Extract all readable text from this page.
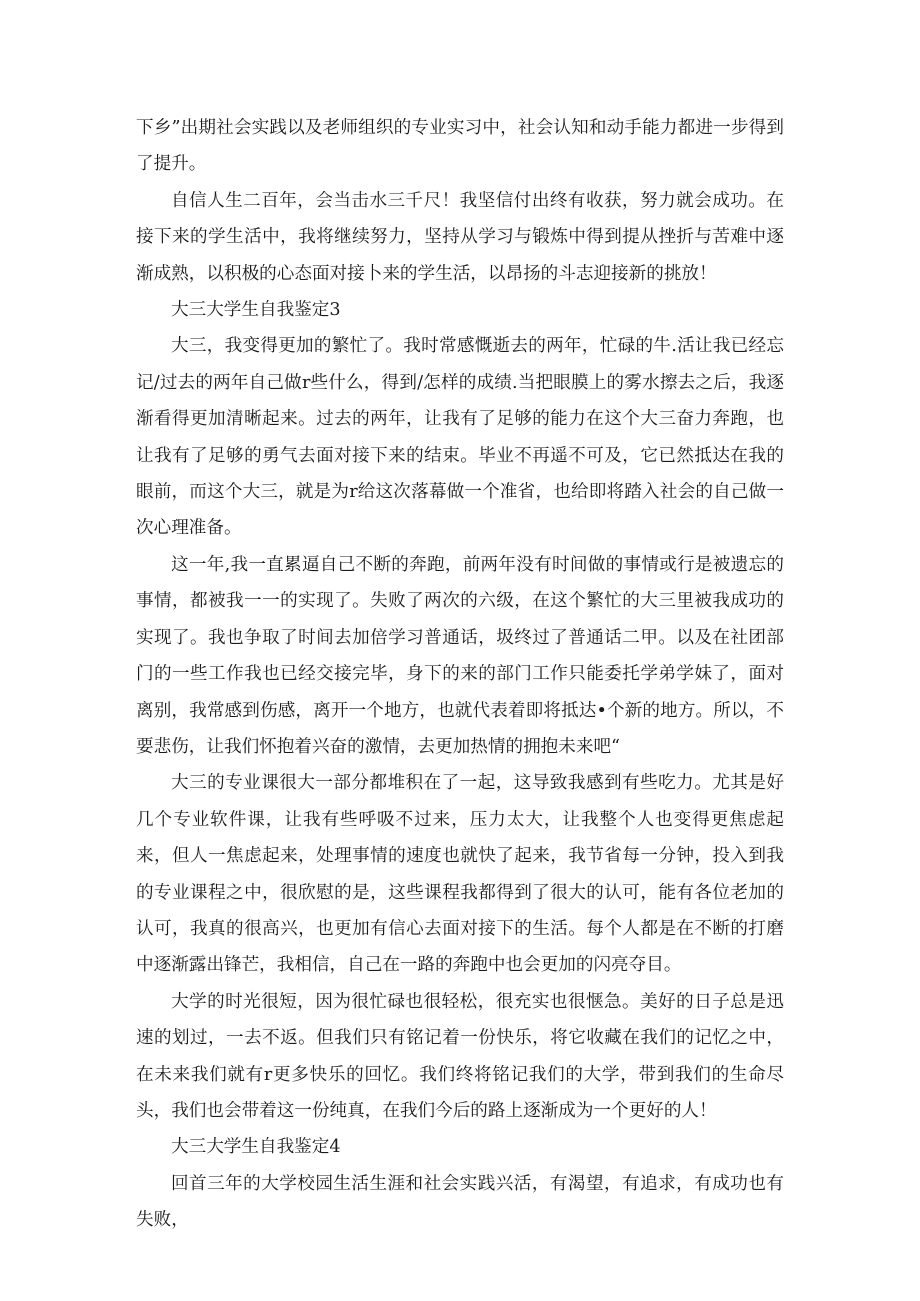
下乡”出期社会实践以及老师组织的专业实习中，社会认知和动手能力都进一步得到了提升。

自信人生二百年，会当击水三千尺！我坚信付出终有收获，努力就会成功。在接下来的学生活中，我将继续努力，坚持从学习与锻炼中得到提从挫折与苦难中逐渐成熟，以积极的心态面对接卜来的学生活，以昂扬的斗志迎接新的挑放！

大三大学生自我鉴定3

大三，我变得更加的繁忙了。我时常感慨逝去的两年，忙碌的牛.活让我已经忘记/过去的两年自己做r些什么，得到/怎样的成绩.当把眼膜上的雾水擦去之后，我逐渐看得更加清晰起来。过去的两年，让我有了足够的能力在这个大三奋力奔跑，也让我有了足够的勇气去面对接下来的结束。毕业不再遥不可及，它已然抵达在我的眼前，而这个大三，就是为r给这次落幕做一个准省，也给即将踏入社会的自己做一次心理准备。

这一年,我一直累逼自己不断的奔跑，前两年没有时间做的事情或行是被遗忘的事情，都被我一一的实现了。失败了两次的六级，在这个繁忙的大三里被我成功的实现了。我也争取了时间去加倍学习普通话，圾终过了普通话二甲。以及在社团部门的一些工作我也已经交接完毕，身下的来的部门工作只能委托学弟学妹了，面对离别，我常感到伤感，离开一个地方，也就代表着即将抵达•个新的地方。所以，不要悲伤，让我们怀抱着兴奋的激情，去更加热情的拥抱未来吧“

大三的专业课很大一部分都堆积在了一起，这导致我感到有些吃力。尤其是好几个专业软件课，让我有些呼吸不过来，压力太大，让我整个人也变得更焦虑起来，但人一焦虑起来，处理事情的速度也就快了起来，我节省每一分钟，投入到我的专业课程之中，很欣慰的是，这些课程我都得到了很大的认可，能有各位老加的认可，我真的很高兴，也更加有信心去面对接下的生活。每个人都是在不断的打磨中逐渐露出锋芒，我相信，自己在一路的奔跑中也会更加的闪亮夺目。

大学的时光很短，因为很忙碌也很轻松，很充实也很惬急。美好的日子总是迅速的划过，一去不返。但我们只有铭记着一份快乐，将它收藏在我们的记忆之中，在未来我们就有r更多快乐的回忆。我们终将铭记我们的大学，带到我们的生命尽头，我们也会带着这一份纯真，在我们今后的路上逐渐成为一个更好的人！

大三大学生自我鉴定4

回首三年的大学校园生活生涯和社会实践兴活，有渴望，有追求，有成功也有失败，
